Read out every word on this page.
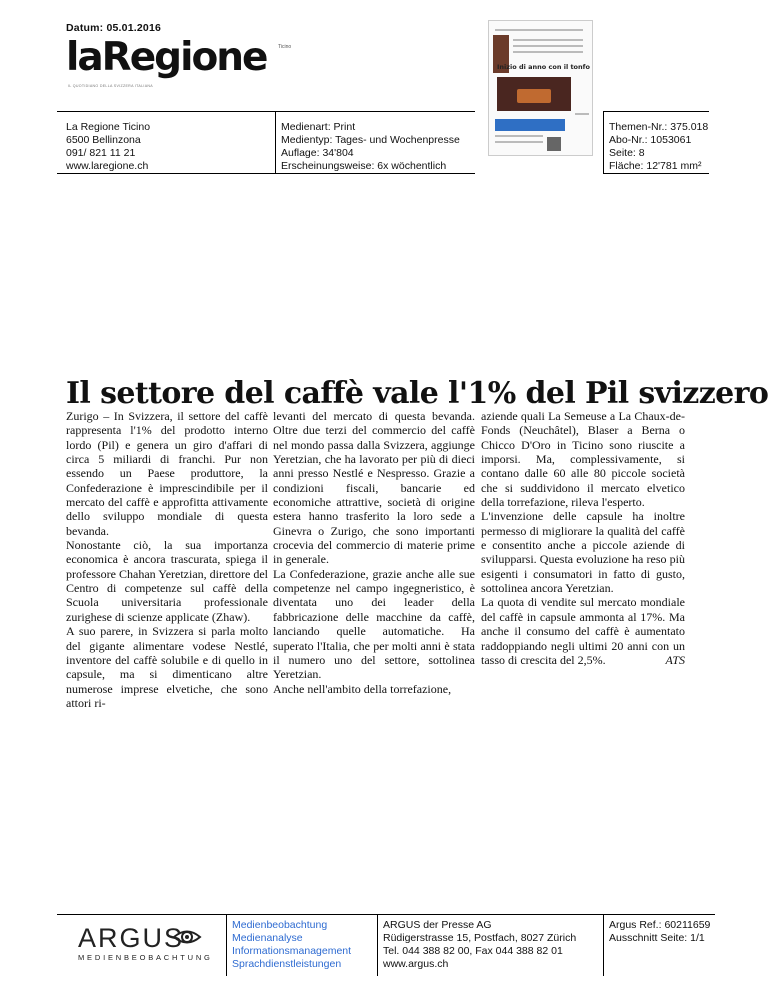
Datum: 05.01.2016
laRegione Ticino
IL QUOTIDIANO DELLA SVIZZERA ITALIANA
Inizio di anno con il tonfo
La Regione Ticino
6500 Bellinzona
091/ 821 11 21
www.laregione.ch
Medienart: Print
Medientyp: Tages- und Wochenpresse
Auflage: 34'804
Erscheinungsweise: 6x wöchentlich
Themen-Nr.: 375.018
Abo-Nr.: 1053061
Seite: 8
Fläche: 12'781 mm²
Il settore del caffè vale l'1% del Pil svizzero

Zurigo – In Svizzera, il settore del caffè rappresenta l'1% del prodotto interno lordo (Pil) e genera un giro d'affari di circa 5 miliardi di franchi. Pur non essendo un Paese produttore, la Confederazione è imprescindibile per il mercato del caffè e approfitta attivamente dello sviluppo mondiale di questa bevanda.

Nonostante ciò, la sua importanza economica è ancora trascurata, spiega il professore Chahan Yeretzian, direttore del Centro di competenze sul caffè della Scuola universitaria professionale zurighese di scienze applicate (Zhaw).

A suo parere, in Svizzera si parla molto del gigante alimentare vodese Nestlé, inventore del caffè solubile e di quello in capsule, ma si dimenticano altre numerose imprese elvetiche, che sono attori ri-

levanti del mercato di questa bevanda. Oltre due terzi del commercio del caffè nel mondo passa dalla Svizzera, aggiunge Yeretzian, che ha lavorato per più di dieci anni presso Nestlé e Nespresso. Grazie a condizioni fiscali, bancarie ed economiche attrattive, società di origine estera hanno trasferito la loro sede a Ginevra o Zurigo, che sono importanti crocevia del commercio di materie prime in generale.

La Confederazione, grazie anche alle sue competenze nel campo ingegneristico, è diventata uno dei leader della fabbricazione delle macchine da caffè, lanciando quelle automatiche. Ha superato l'Italia, che per molti anni è stata il numero uno del settore, sottolinea Yeretzian.

Anche nell'ambito della torrefazione,

aziende quali La Semeuse a La Chaux-de-Fonds (Neuchâtel), Blaser a Berna o Chicco D'Oro in Ticino sono riuscite a imporsi. Ma, complessivamente, si contano dalle 60 alle 80 piccole società che si suddividono il mercato elvetico della torrefazione, rileva l'esperto.

L'invenzione delle capsule ha inoltre permesso di migliorare la qualità del caffè e consentito anche a piccole aziende di svilupparsi. Questa evoluzione ha reso più esigenti i consumatori in fatto di gusto, sottolinea ancora Yeretzian.

La quota di vendite sul mercato mondiale del caffè in capsule ammonta al 17%. Ma anche il consumo del caffè è aumentato raddoppiando negli ultimi 20 anni con un tasso di crescita del 2,5%.	ATS

ARGUS
MEDIENBEOBACHTUNG
Medienbeobachtung
Medienanalyse
Informationsmanagement
Sprachdienstleistungen
ARGUS der Presse AG
Rüdigerstrasse 15, Postfach, 8027 Zürich
Tel. 044 388 82 00, Fax 044 388 82 01
www.argus.ch
Argus Ref.: 60211659
Ausschnitt Seite: 1/1
